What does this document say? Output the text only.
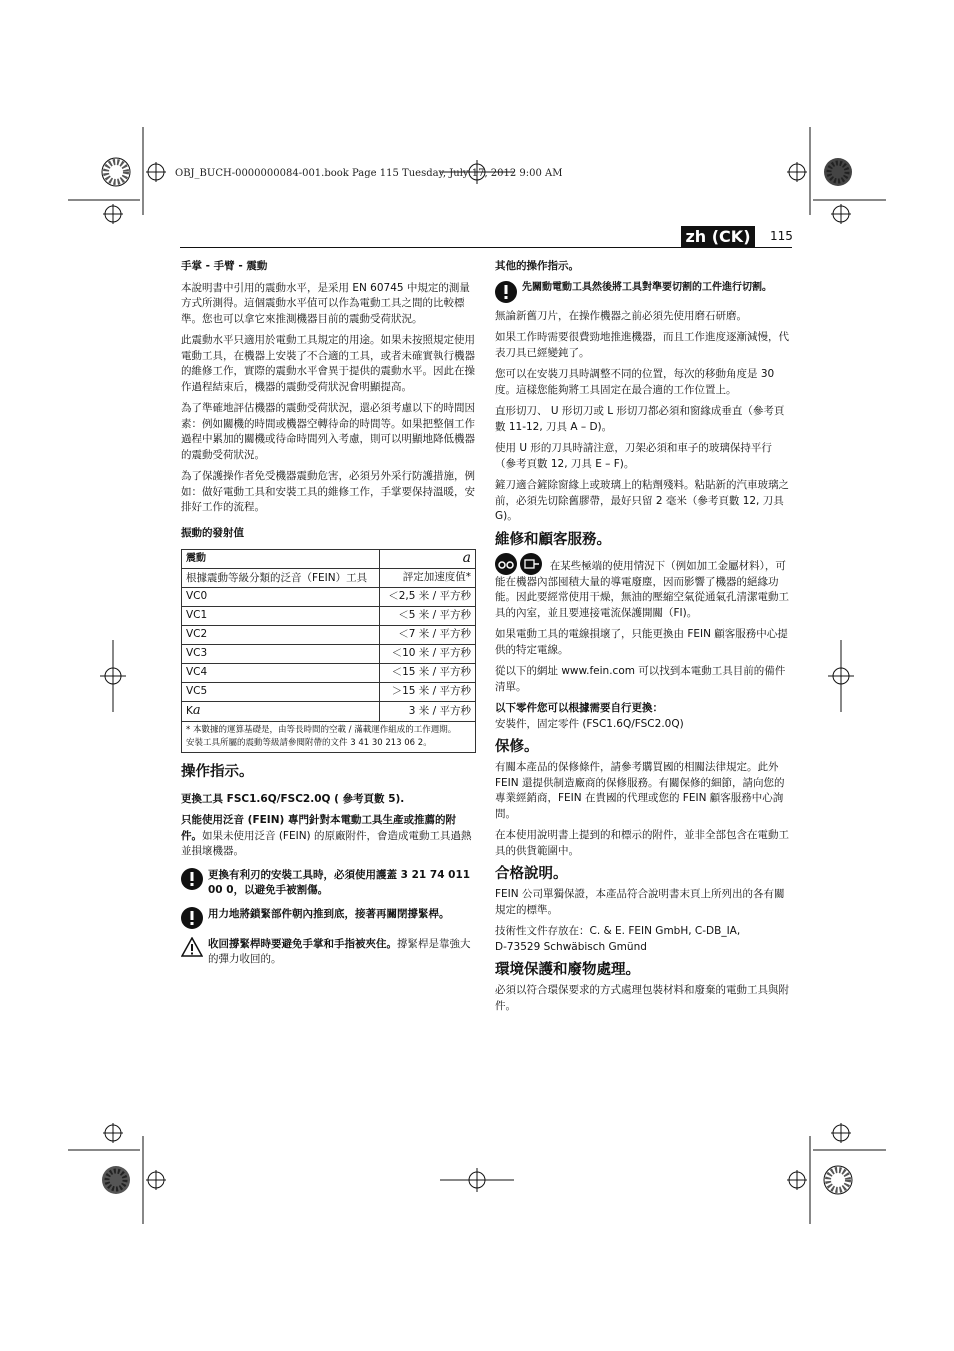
OBJ_BUCH-0000000084-001.book Page 115 Tuesday, July 17, 2012 9:00 AM
zh (CK)	115

手掌 - 手臂 - 震動

本說明書中引用的震動水平，是采用 EN 60745 中規定的測量方式所測得。這個震動水平值可以作為電動工具之間的比較標準。您也可以拿它來推測機器目前的震動受荷狀況。

此震動水平只適用於電動工具規定的用途。如果未按照規定使用電動工具，在機器上安裝了不合適的工具，或者未確實執行機器的維修工作，實際的震動水平會異于提供的震動水平。因此在操作過程結束后，機器的震動受荷狀況會明顯提高。

為了準確地評估機器的震動受荷狀況，還必須考慮以下的時間因素：例如關機的時間或機器空轉待命的時間等。如果把整個工作過程中累加的關機或待命時間列入考慮，則可以明顯地降低機器的震動受荷狀況。

為了保護操作者免受機器震動危害，必須另外采行防護措施，例如：做好電動工具和安裝工具的維修工作，手掌要保持溫暖，安排好工作的流程。

振動的發射值

震動	a
根據震動等級分類的泛音（FEIN）工具	評定加速度值*
VC0	＜2,5 米 / 平方秒
VC1	＜5 米 / 平方秒
VC2	＜7 米 / 平方秒
VC3	＜10 米 / 平方秒
VC4	＜15 米 / 平方秒
VC5	＞15 米 / 平方秒
Ka	3 米 / 平方秒

* 本數據的運算基礎是，由等長時間的空載 / 滿載運作組成的工作週期。
安裝工具所屬的震動等級請參閱附帶的文件 3 41 30 213 06 2。	
操作指示。

更換工具 FSC1.6Q/FSC2.0Q ( 參考頁數 5).

只能使用泛音 (FEIN) 專門針對本電動工具生產或推薦的附件。如果未使用泛音 (FEIN) 的原廠附件，會造成電動工具過熱並損壞機器。

更換有利刃的安裝工具時，必須使用護蓋 3 21 74 011 00 0，以避免手被割傷。
用力地將鎖緊部件朝內推到底，接著再關閉撐緊桿。
收回撐緊桿時要避免手掌和手指被夾住。撐緊桿是靠強大的彈力收回的。

其他的操作指示。

先關動電動工具然後將工具對準要切割的工件進行切割。

無論新舊刀片，在操作機器之前必須先使用磨石研磨。

如果工作時需要很費勁地推進機器，而且工作進度逐漸減慢，代表刀具已經變鈍了。

您可以在安裝刀具時調整不同的位置，每次的移動角度是 30 度。這樣您能夠將工具固定在最合適的工作位置上。

直形切刀、 U 形切刀或 L 形切刀都必須和窗緣成垂直（參考頁數 11-12, 刀具 A – D)。

使用 U 形的刀具時請注意，刀架必須和車子的玻璃保持平行（參考頁數 12, 刀具 E – F)。

鏟刀適合鏟除窗緣上或玻璃上的粘劑殘料。粘貼新的汽車玻璃之前，必須先切除舊膠帶，最好只留 2 毫米（參考頁數 12, 刀具 G)。

維修和顧客服務。

在某些極端的使用情況下（例如加工金屬材料），可能在機器內部囤積大量的導電廢塵，因而影響了機器的絕緣功能。因此要經常使用干燥，無油的壓縮空氣從通氣孔清潔電動工具的內室，並且要連接電流保護開關（FI)。

如果電動工具的電線損壞了，只能更換由 FEIN 顧客服務中心提供的特定電線。

從以下的網址 www.fein.com 可以找到本電動工具目前的備件清單。

以下零件您可以根據需要自行更換：

安裝件，固定零件 (FSC1.6Q/FSC2.0Q)

保修。

有關本產品的保修條件，請參考購買國的相關法律規定。此外 FEIN 還提供制造廠商的保修服務。有關保修的細節，請向您的專業經銷商，FEIN 在貴國的代理或您的 FEIN 顧客服務中心詢問。

在本使用說明書上提到的和標示的附件，並非全部包含在電動工具的供貨範圍中。

合格說明。

FEIN 公司單獨保證，本產品符合說明書末頁上所列出的各有關規定的標準。

技術性文件存放在：C. & E. FEIN GmbH, C-DB_IA,
D-73529 Schwäbisch Gmünd

環境保護和廢物處理。

必須以符合環保要求的方式處理包裝材料和廢棄的電動工具與附件。
